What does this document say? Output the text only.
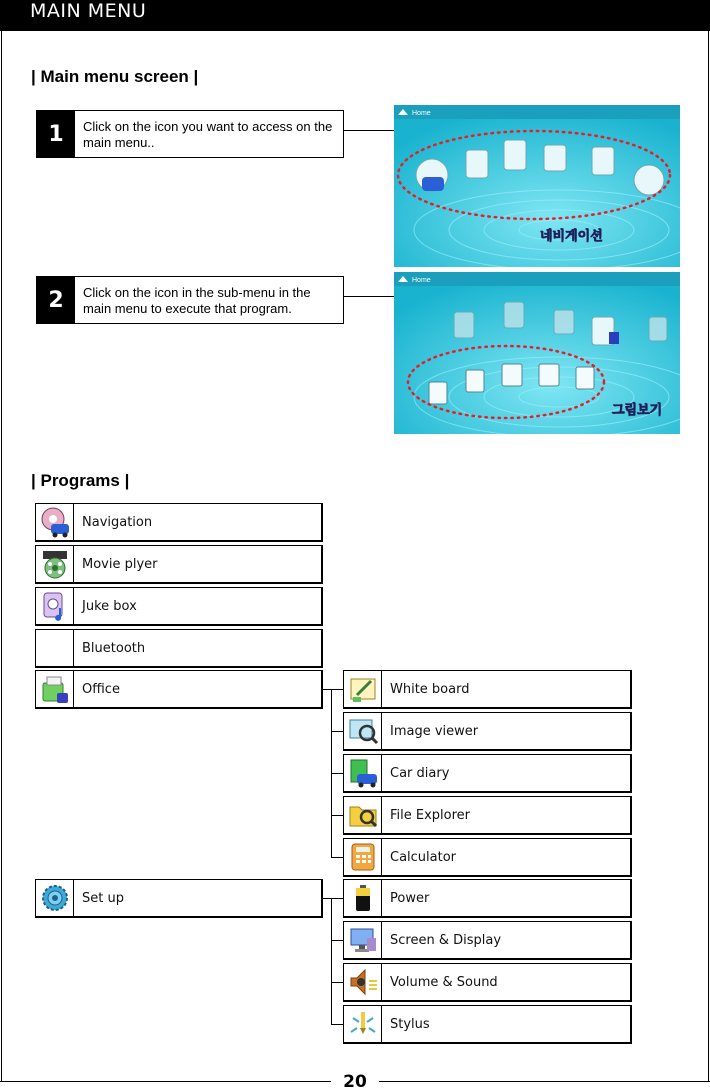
MAIN MENU
20
| Main menu screen |
1	Click on the icon you want to access on the main menu..
Home
네비게이션
2	Click on the icon in the sub-menu in the main menu to execute that program.
Home
그림보기
| Programs |
Navigation
Movie plyer
Juke box
Bluetooth
Office
Set up
White board
Image viewer
Car diary
File Explorer
Calculator
Power
Screen & Display
Volume & Sound
Stylus
